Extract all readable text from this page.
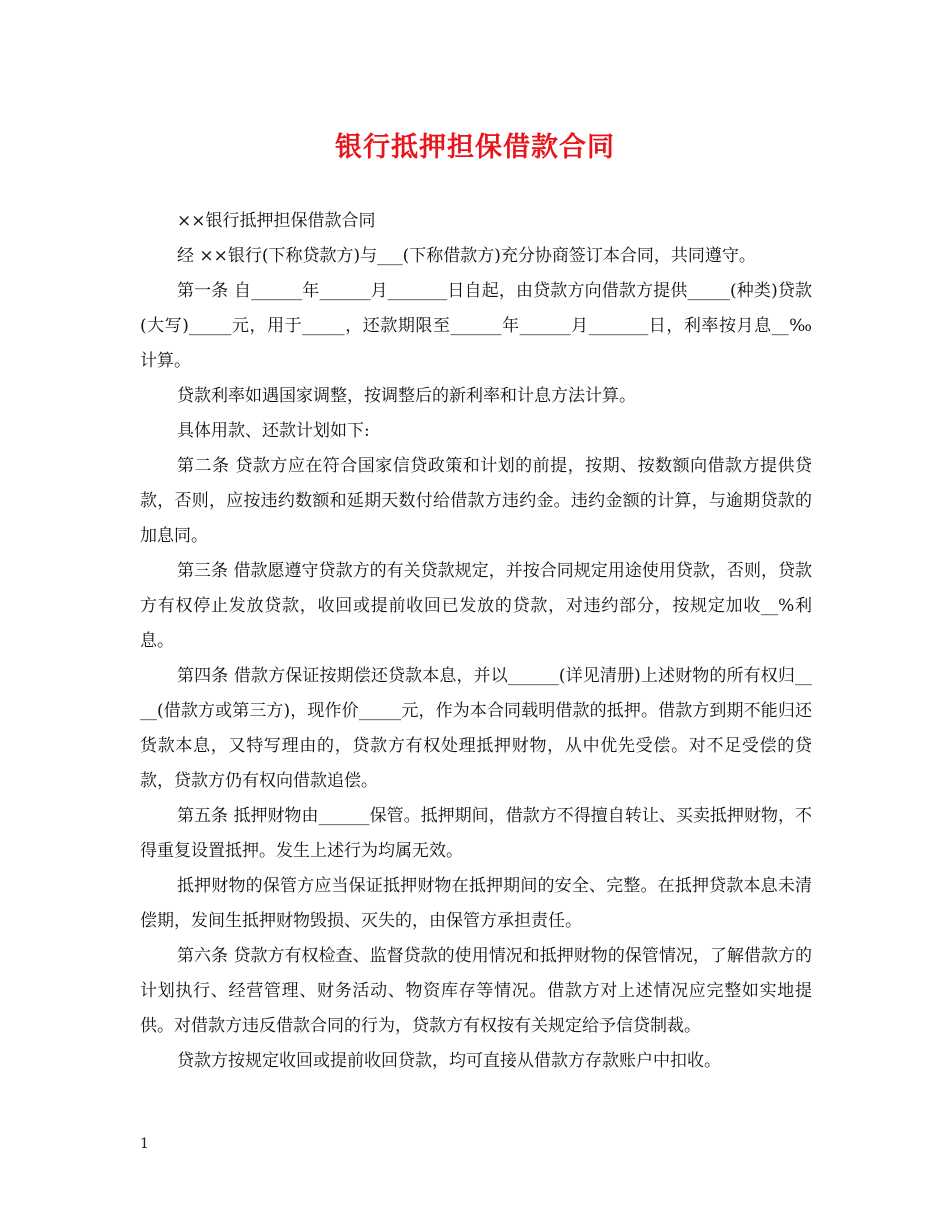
银行抵押担保借款合同

××银行抵押担保借款合同

经 ××银行(下称贷款方)与___(下称借款方)充分协商签订本合同，共同遵守。

第一条 自______年______月_______日自起，由贷款方向借款方提供_____(种类)贷款(大写)_____元，用于_____，还款期限至______年______月_______日，利率按月息__‰计算。

贷款利率如遇国家调整，按调整后的新利率和计息方法计算。

具体用款、还款计划如下:

第二条 贷款方应在符合国家信贷政策和计划的前提，按期、按数额向借款方提供贷款，否则，应按违约数额和延期天数付给借款方违约金。违约金额的计算，与逾期贷款的加息同。

第三条 借款愿遵守贷款方的有关贷款规定，并按合同规定用途使用贷款，否则，贷款方有权停止发放贷款，收回或提前收回已发放的贷款，对违约部分，按规定加收__%利息。

第四条 借款方保证按期偿还贷款本息，并以______(详见清册)上述财物的所有权归____(借款方或第三方)，现作价_____元，作为本合同载明借款的抵押。借款方到期不能归还货款本息，又特写理由的，贷款方有权处理抵押财物，从中优先受偿。对不足受偿的贷款，贷款方仍有权向借款追偿。

第五条 抵押财物由______保管。抵押期间，借款方不得擅自转让、买卖抵押财物，不得重复设置抵押。发生上述行为均属无效。

抵押财物的保管方应当保证抵押财物在抵押期间的安全、完整。在抵押贷款本息未清偿期，发间生抵押财物毁损、灭失的，由保管方承担责任。

第六条 贷款方有权检查、监督贷款的使用情况和抵押财物的保管情况，了解借款方的计划执行、经营管理、财务活动、物资库存等情况。借款方对上述情况应完整如实地提供。对借款方违反借款合同的行为，贷款方有权按有关规定给予信贷制裁。

贷款方按规定收回或提前收回贷款，均可直接从借款方存款账户中扣收。

1
